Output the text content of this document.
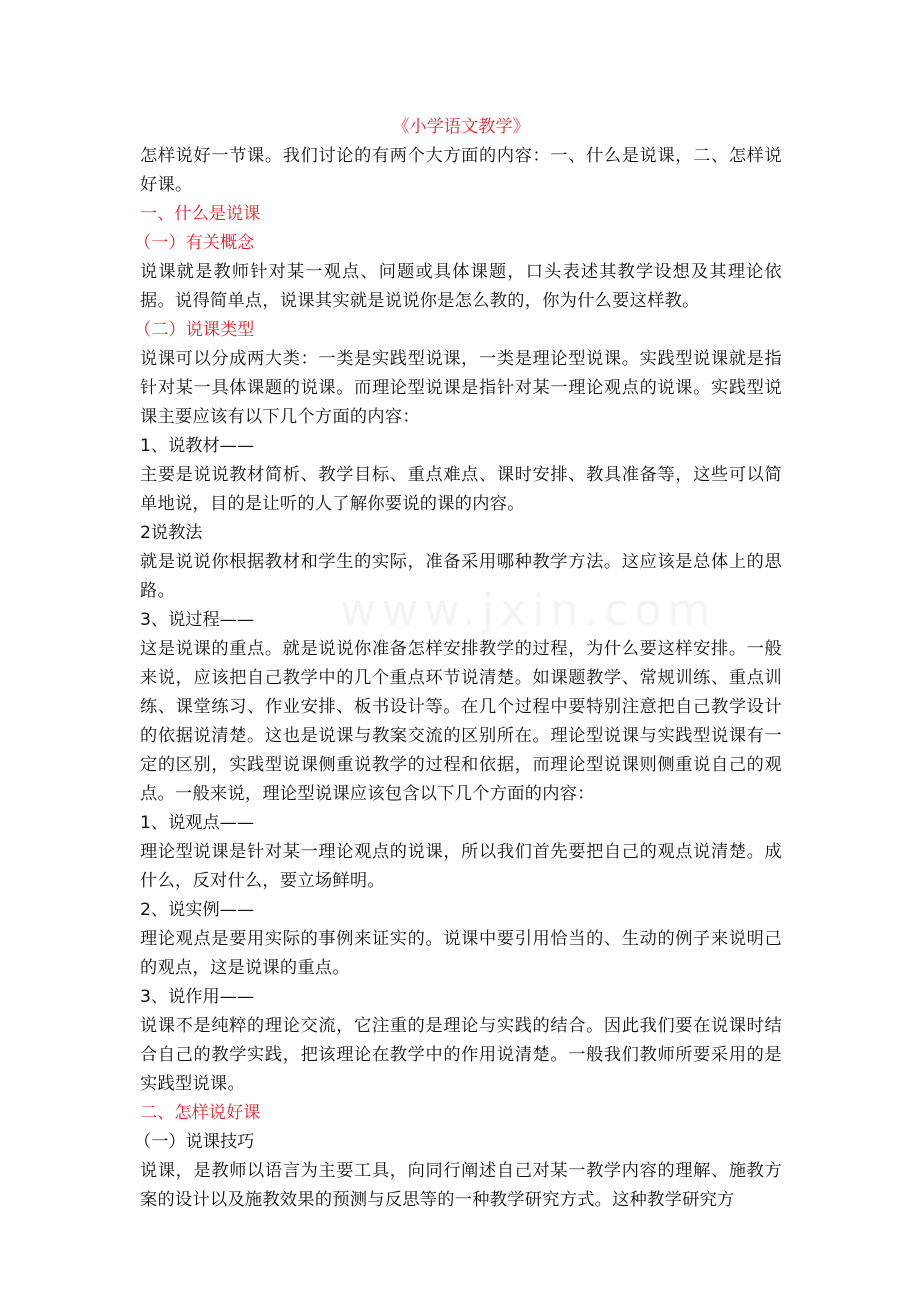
《小学语文教学》

怎样说好一节课。我们讨论的有两个大方面的内容：一、什么是说课，二、怎样说好课。

一、什么是说课

（一）有关概念

说课就是教师针对某一观点、问题或具体课题，口头表述其教学设想及其理论依据。说得简单点，说课其实就是说说你是怎么教的，你为什么要这样教。

（二）说课类型

说课可以分成两大类：一类是实践型说课，一类是理论型说课。实践型说课就是指针对某一具体课题的说课。而理论型说课是指针对某一理论观点的说课。实践型说课主要应该有以下几个方面的内容：

1、说教材——

主要是说说教材简析、教学目标、重点难点、课时安排、教具准备等，这些可以简单地说，目的是让听的人了解你要说的课的内容。

2说教法

就是说说你根据教材和学生的实际，准备采用哪种教学方法。这应该是总体上的思路。

3、说过程——

这是说课的重点。就是说说你准备怎样安排教学的过程，为什么要这样安排。一般来说，应该把自己教学中的几个重点环节说清楚。如课题教学、常规训练、重点训练、课堂练习、作业安排、板书设计等。在几个过程中要特别注意把自己教学设计的依据说清楚。这也是说课与教案交流的区别所在。理论型说课与实践型说课有一定的区别，实践型说课侧重说教学的过程和依据，而理论型说课则侧重说自己的观点。一般来说，理论型说课应该包含以下几个方面的内容：

1、说观点——

理论型说课是针对某一理论观点的说课，所以我们首先要把自己的观点说清楚。成什么，反对什么，要立场鲜明。

2、说实例——

理论观点是要用实际的事例来证实的。说课中要引用恰当的、生动的例子来说明己的观点，这是说课的重点。

3、说作用——

说课不是纯粹的理论交流，它注重的是理论与实践的结合。因此我们要在说课时结合自己的教学实践，把该理论在教学中的作用说清楚。一般我们教师所要采用的是实践型说课。

二、怎样说好课

（一）说课技巧

说课，是教师以语言为主要工具，向同行阐述自己对某一教学内容的理解、施教方案的设计以及施教效果的预测与反思等的一种教学研究方式。这种教学研究方
